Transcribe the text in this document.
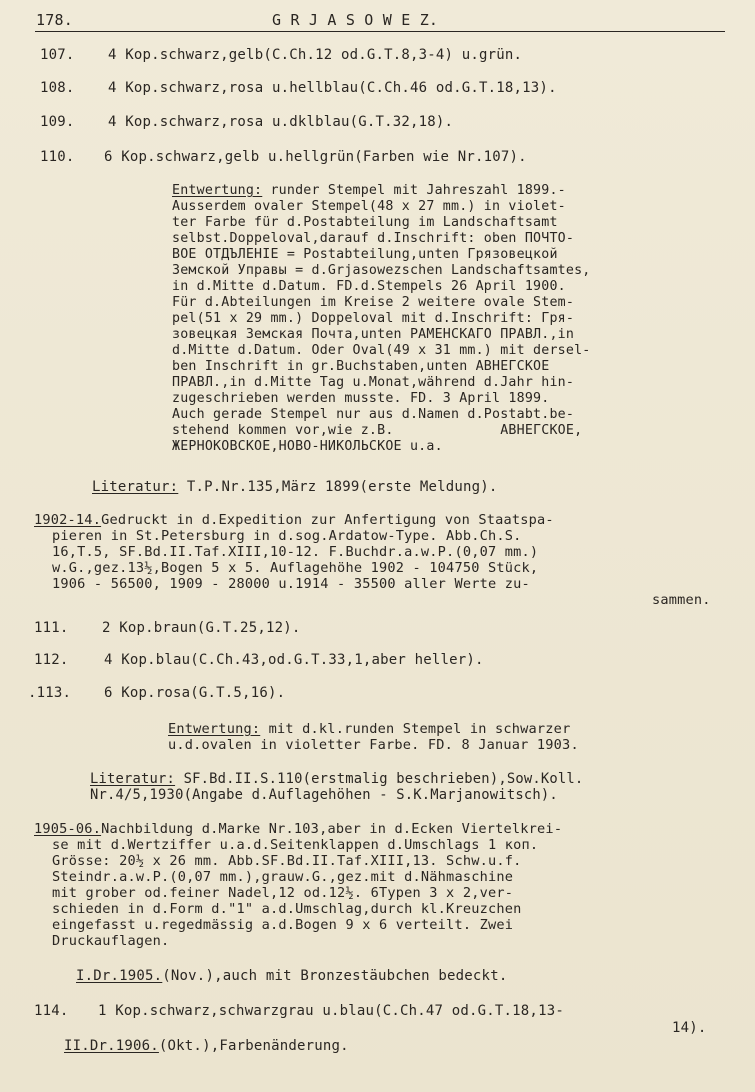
178.	G R J A S O W E Z.
107. 4 Kop.schwarz,gelb(C.Ch.12 od.G.T.8,3-4) u.grün.
108. 4 Kop.schwarz,rosa u.hellblau(C.Ch.46 od.G.T.18,13).
109. 4 Kop.schwarz,rosa u.dklblau(G.T.32,18).
110. 6 Kop.schwarz,gelb u.hellgrün(Farben wie Nr.107).
Entwertung: runder Stempel mit Jahreszahl 1899.-
Ausserdem ovaler Stempel(48 x 27 mm.) in violet-
ter Farbe für d.Postabteilung im Landschaftsamt
selbst.Doppeloval,darauf d.Inschrift: oben ПОЧТО-
ВОЕ ОТДЪЛЕНІЕ = Postabteilung,unten Грязовецкой
Земской Управы = d.Grjasowezschen Landschaftsamtes,
in d.Mitte d.Datum. FD.d.Stempels 26 April 1900.
Für d.Abteilungen im Kreise 2 weitere ovale Stem-
pel(51 x 29 mm.) Doppeloval mit d.Inschrift: Гря-
зовецкая Земская Почта,unten РАМЕНСКАГО ПРАВЛ.,in
d.Mitte d.Datum. Oder Oval(49 x 31 mm.) mit dersel-
ben Inschrift in gr.Buchstaben,unten АВНЕГСКОЕ
ПРАВЛ.,in d.Mitte Tag u.Monat,während d.Jahr hin-
zugeschrieben werden musste. FD. 3 April 1899.
Auch gerade Stempel nur aus d.Namen d.Postabt.be-
stehend kommen vor,wie z.B.             АВНЕГСКОЕ,
ЖЕРНОКОВСКОЕ,НОВО-НИКОЛЬСКОЕ u.a.
Literatur: T.P.Nr.135,März 1899(erste Meldung).
1902-14.Gedruckt in d.Expedition zur Anfertigung von Staatspa-
pieren in St.Petersburg in d.sog.Ardatow-Type. Abb.Ch.S.
16,T.5, SF.Bd.II.Taf.XIII,10-12. F.Buchdr.a.w.P.(0,07 mm.)
w.G.,gez.13½,Bogen 5 x 5. Auflagehöhe 1902 - 104750 Stück,
1906 - 56500, 1909 - 28000 u.1914 - 35500 aller Werte zu-
sammen.
111. 2 Kop.braun(G.T.25,12).
112.	4 Kop.blau(C.Ch.43,od.G.T.33,1,aber heller).
.113. 6 Kop.rosa(G.T.5,16).
Entwertung: mit d.kl.runden Stempel in schwarzer
u.d.ovalen in violetter Farbe. FD. 8 Januar 1903.
Literatur: SF.Bd.II.S.110(erstmalig beschrieben),Sow.Koll.
Nr.4/5,1930(Angabe d.Auflagehöhen - S.K.Marjanowitsch).
1905-06.Nachbildung d.Marke Nr.103,aber in d.Ecken Viertelkrei-
se mit d.Wertziffer u.a.d.Seitenklappen d.Umschlags 1 коп.
Grösse: 20½ x 26 mm. Abb.SF.Bd.II.Taf.XIII,13. Schw.u.f.
Steindr.a.w.P.(0,07 mm.),grauw.G.,gez.mit d.Nähmaschine
mit grober od.feiner Nadel,12 od.12½. 6Typen 3 x 2,ver-
schieden in d.Form d."1" a.d.Umschlag,durch kl.Kreuzchen
eingefasst u.regedmässig a.d.Bogen 9 x 6 verteilt. Zwei
Druckauflagen.
I.Dr.1905.(Nov.),auch mit Bronzestäubchen bedeckt.
114. 1 Kop.schwarz,schwarzgrau u.blau(C.Ch.47 od.G.T.18,13-
14).
II.Dr.1906.(Okt.),Farbenänderung.
